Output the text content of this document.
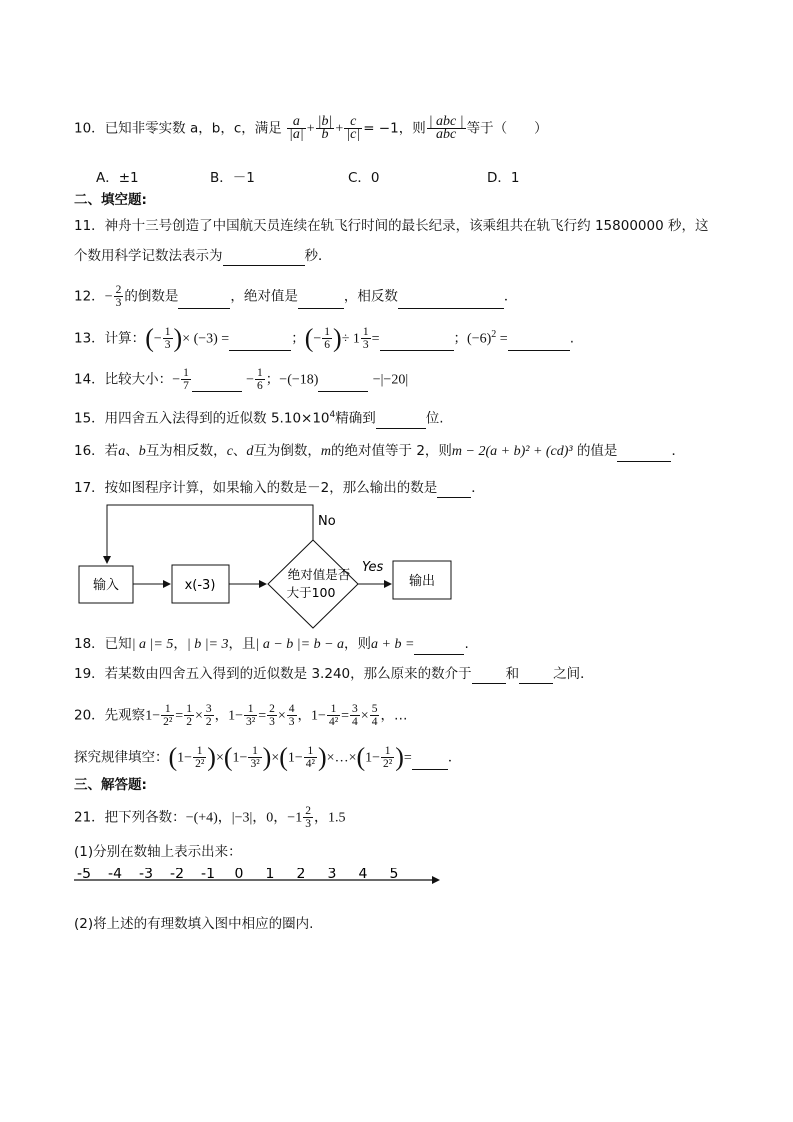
10．已知非零实数 a，b，c，满足 $\frac{a}{|a|} + \frac{|b|}{b} + \frac{c}{|c|} = -1$，则 $\frac{\text{| abc |}}{\text{abc}}$ 等于（　　）
A．±1	B．－1	C．0	D．1
二、填空题:
11．神舟十三号创造了中国航天员连续在轨飞行时间的最长纪录，该乘组共在轨飞行约 15800000 秒，这
个数用科学记数法表示为	秒．
12．− $\frac{2}{3}$ 的倒数是	，绝对值是	，相反数	．
13．计算：(− $\frac{1}{3}$ )× (−3) =	；(− $\frac{1}{6}$ )÷ $1 \frac{1}{3}$ =	；$(-6)^2$ =	.
14．比较大小：− $\frac{1}{7}$	− $\frac{1}{6}$ ；−(−18)	−|−20|
15．用四舍五入法得到的近似数 $5.10\times 10^4$精确到	位.
16．若a、b互为相反数，c、d互为倒数，m的绝对值等于 2，则m − 2(a + b)² + (cd)³ 的值是	．
17．按如图程序计算，如果输入的数是－2，那么输出的数是	．
No
输入	x(-3)
绝对值是否
大于100
Yes
输出
18．已知| a |= 5，| b |= 3，且| a − b |= b − a，则a + b =	.
19．若某数由四舍五入得到的近似数是 3.240，那么原来的数介于	和	之间．
20．先观察$1- \frac{1}{\text{2²}} = \frac{1}{2} \times \frac{3}{2}$ ，$1- \frac{1}{\text{3²}} = \frac{2}{3} \times \frac{4}{3}$ ，$1- \frac{1}{\text{4²}} = \frac{3}{4} \times \frac{5}{4}$ ，…
探究规律填空：$(1- \frac{1}{\text{2²}} )\times(1- \frac{1}{\text{3²}} )\times(1- \frac{1}{\text{4²}}$ )×…×(1− $\frac{1}{\text{2²}}$ )=	．
三、解答题:
21．把下列各数：−(+4)，|−3|，0，$-1 \frac{2}{3}$ ，1.5
(1)分别在数轴上表示出来：
-5 -4 -3 -2 -1 0 1 2 3 4 5
(2)将上述的有理数填入图中相应的圈内.
